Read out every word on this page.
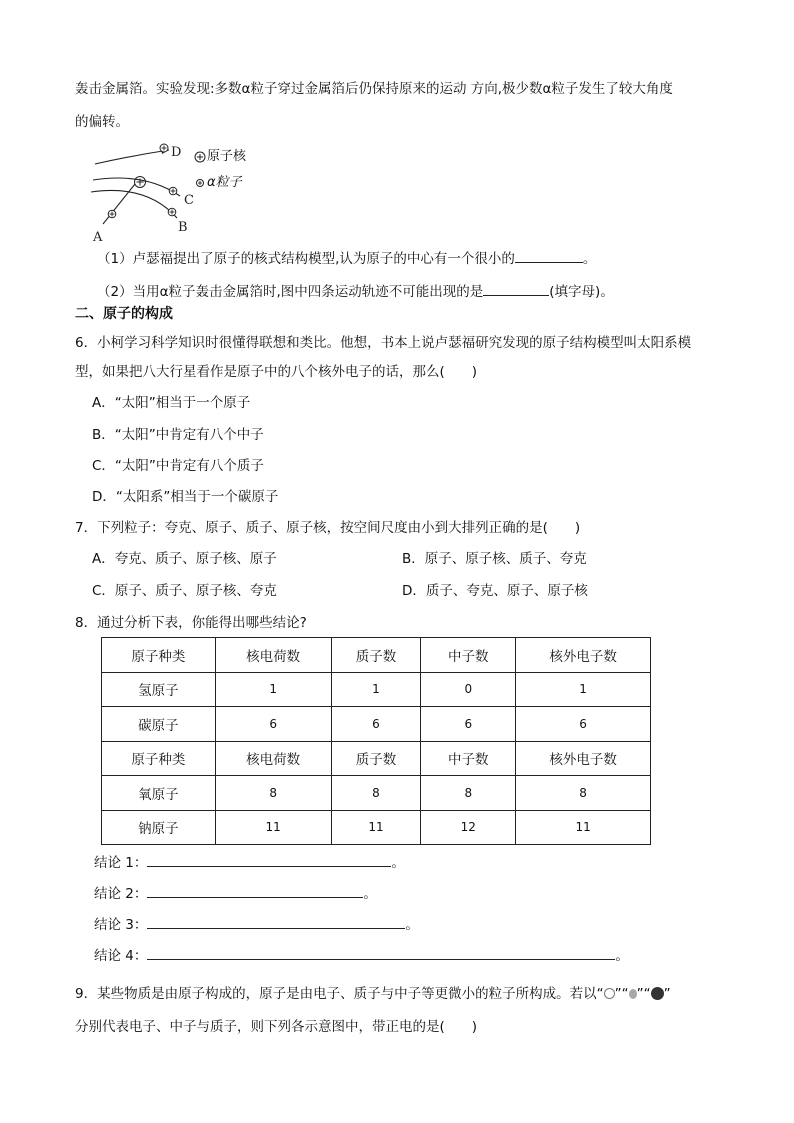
轰击金属箔。实验发现:多数α粒子穿过金属箔后仍保持原来的运动 方向,极少数α粒子发生了较大角度
的偏转。
D
C
B
A
原子核
α粒子
（1）卢瑟福提出了原子的核式结构模型,认为原子的中心有一个很小的	。
（2）当用α粒子轰击金属箔时,图中四条运动轨迹不可能出现的是	(填字母)。
二、原子的构成
6．小柯学习科学知识时很懂得联想和类比。他想，书本上说卢瑟福研究发现的原子结构模型叫太阳系模
型，如果把八大行星看作是原子中的八个核外电子的话，那么(　　)
A．“太阳”相当于一个原子
B．“太阳”中肯定有八个中子
C．“太阳”中肯定有八个质子
D．“太阳系”相当于一个碳原子
7．下列粒子：夸克、原子、质子、原子核，按空间尺度由小到大排列正确的是(　　)
A．夸克、质子、原子核、原子	B．原子、原子核、质子、夸克
C．原子、质子、原子核、夸克	D．质子、夸克、原子、原子核
8．通过分析下表，你能得出哪些结论?
原子种类	核电荷数	质子数	中子数	核外电子数
氢原子	1	1	0	1
碳原子	6	6	6	6
原子种类	核电荷数	质子数	中子数	核外电子数
氧原子	8	8	8	8
钠原子	11	11	12	11
结论 1：	。
结论 2：	。
结论 3：	。
结论 4：	。
9．某些物质是由原子构成的，原子是由电子、质子与中子等更微小的粒子所构成。若以“ ”“ ”“ ”
分别代表电子、中子与质子，则下列各示意图中，带正电的是(　　)
